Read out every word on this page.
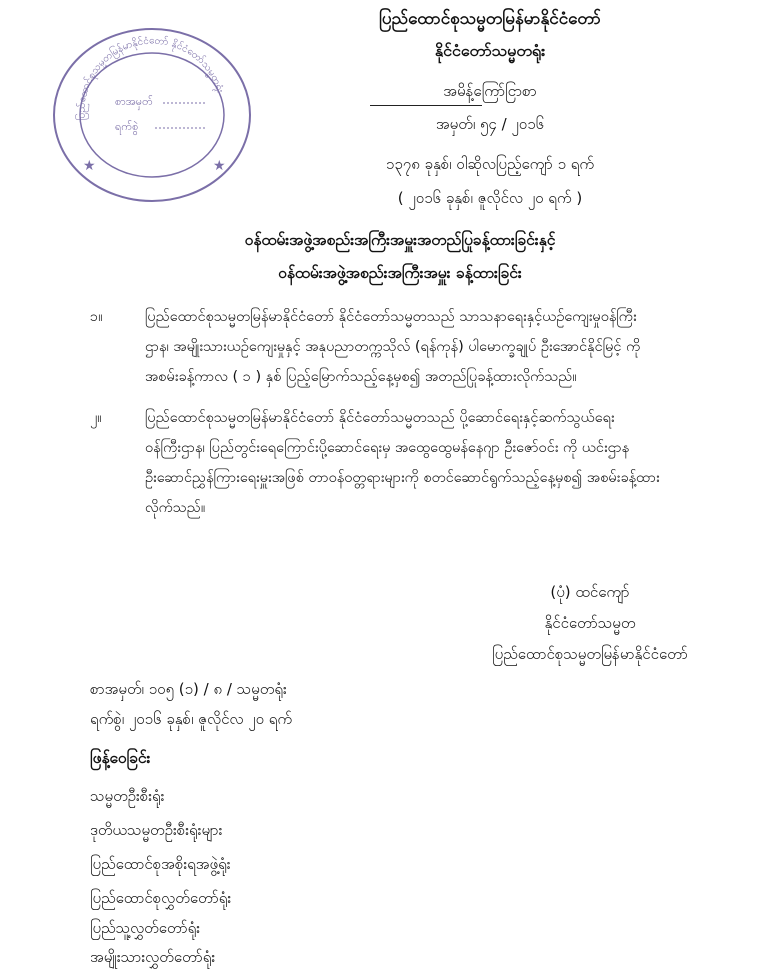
ပြည်ထောင်စုသမ္မတမြန်မာနိုင်ငံတော် နိုင်ငံတော်သမ္မတရုံး
စာအမှတ်
ရက်စွဲ
★	★
ပြည်ထောင်စုသမ္မတမြန်မာနိုင်ငံတော်
နိုင်ငံတော်သမ္မတရုံး
အမိန့်ကြော်ငြာစာ
အမှတ်၊ ၅၄ / ၂၀၁၆
၁၃၇၈ ခုနှစ်၊ ဝါဆိုလပြည့်ကျော် ၁ ရက်
( ၂၀၁၆ ခုနှစ်၊ ဇူလိုင်လ ၂၀ ရက် )
ဝန်ထမ်းအဖွဲ့အစည်းအကြီးအမှူးအတည်ပြုခန့်ထားခြင်းနှင့်
ဝန်ထမ်းအဖွဲ့အစည်းအကြီးအမှူး ခန့်ထားခြင်း
၁။	ပြည်ထောင်စုသမ္မတမြန်မာနိုင်ငံတော် နိုင်ငံတော်သမ္မတသည် သာသနာရေးနှင့်ယဉ်ကျေးမှုဝန်ကြီး
ဌာန၊ အမျိုးသားယဉ်ကျေးမှုနှင့် အနုပညာတက္ကသိုလ် (ရန်ကုန်) ပါမောက္ခချုပ် ဦးအောင်နိုင်မြင့် ကို
အစမ်းခန့်ကာလ ( ၁ ) နှစ် ပြည့်မြောက်သည့်နေ့မှစ၍ အတည်ပြုခန့်ထားလိုက်သည်။
၂။	ပြည်ထောင်စုသမ္မတမြန်မာနိုင်ငံတော် နိုင်ငံတော်သမ္မတသည် ပို့ဆောင်ရေးနှင့်ဆက်သွယ်ရေး
ဝန်ကြီးဌာန၊ ပြည်တွင်းရေကြောင်းပို့ဆောင်ရေးမှ အထွေထွေမန်နေဂျာ ဦးဇော်ဝင်း ကို ယင်းဌာန
ဦးဆောင်ညွှန်ကြားရေးမှူးအဖြစ် တာဝန်ဝတ္တရားများကို စတင်ဆောင်ရွက်သည့်နေ့မှစ၍ အစမ်းခန့်ထား
လိုက်သည်။
(ပုံ) ထင်ကျော်
နိုင်ငံတော်သမ္မတ
ပြည်ထောင်စုသမ္မတမြန်မာနိုင်ငံတော်
စာအမှတ်၊ ၁၀၅ (၁) / ၈ / သမ္မတရုံး
ရက်စွဲ၊ ၂၀၁၆ ခုနှစ်၊ ဇူလိုင်လ ၂၀ ရက်
ဖြန့်ဝေခြင်း
သမ္မတဦးစီးရုံး
ဒုတိယသမ္မတဦးစီးရုံးများ
ပြည်ထောင်စုအစိုးရအဖွဲ့ရုံး
ပြည်ထောင်စုလွှတ်တော်ရုံး
ပြည်သူ့လွှတ်တော်ရုံး
အမျိုးသားလွှတ်တော်ရုံး
